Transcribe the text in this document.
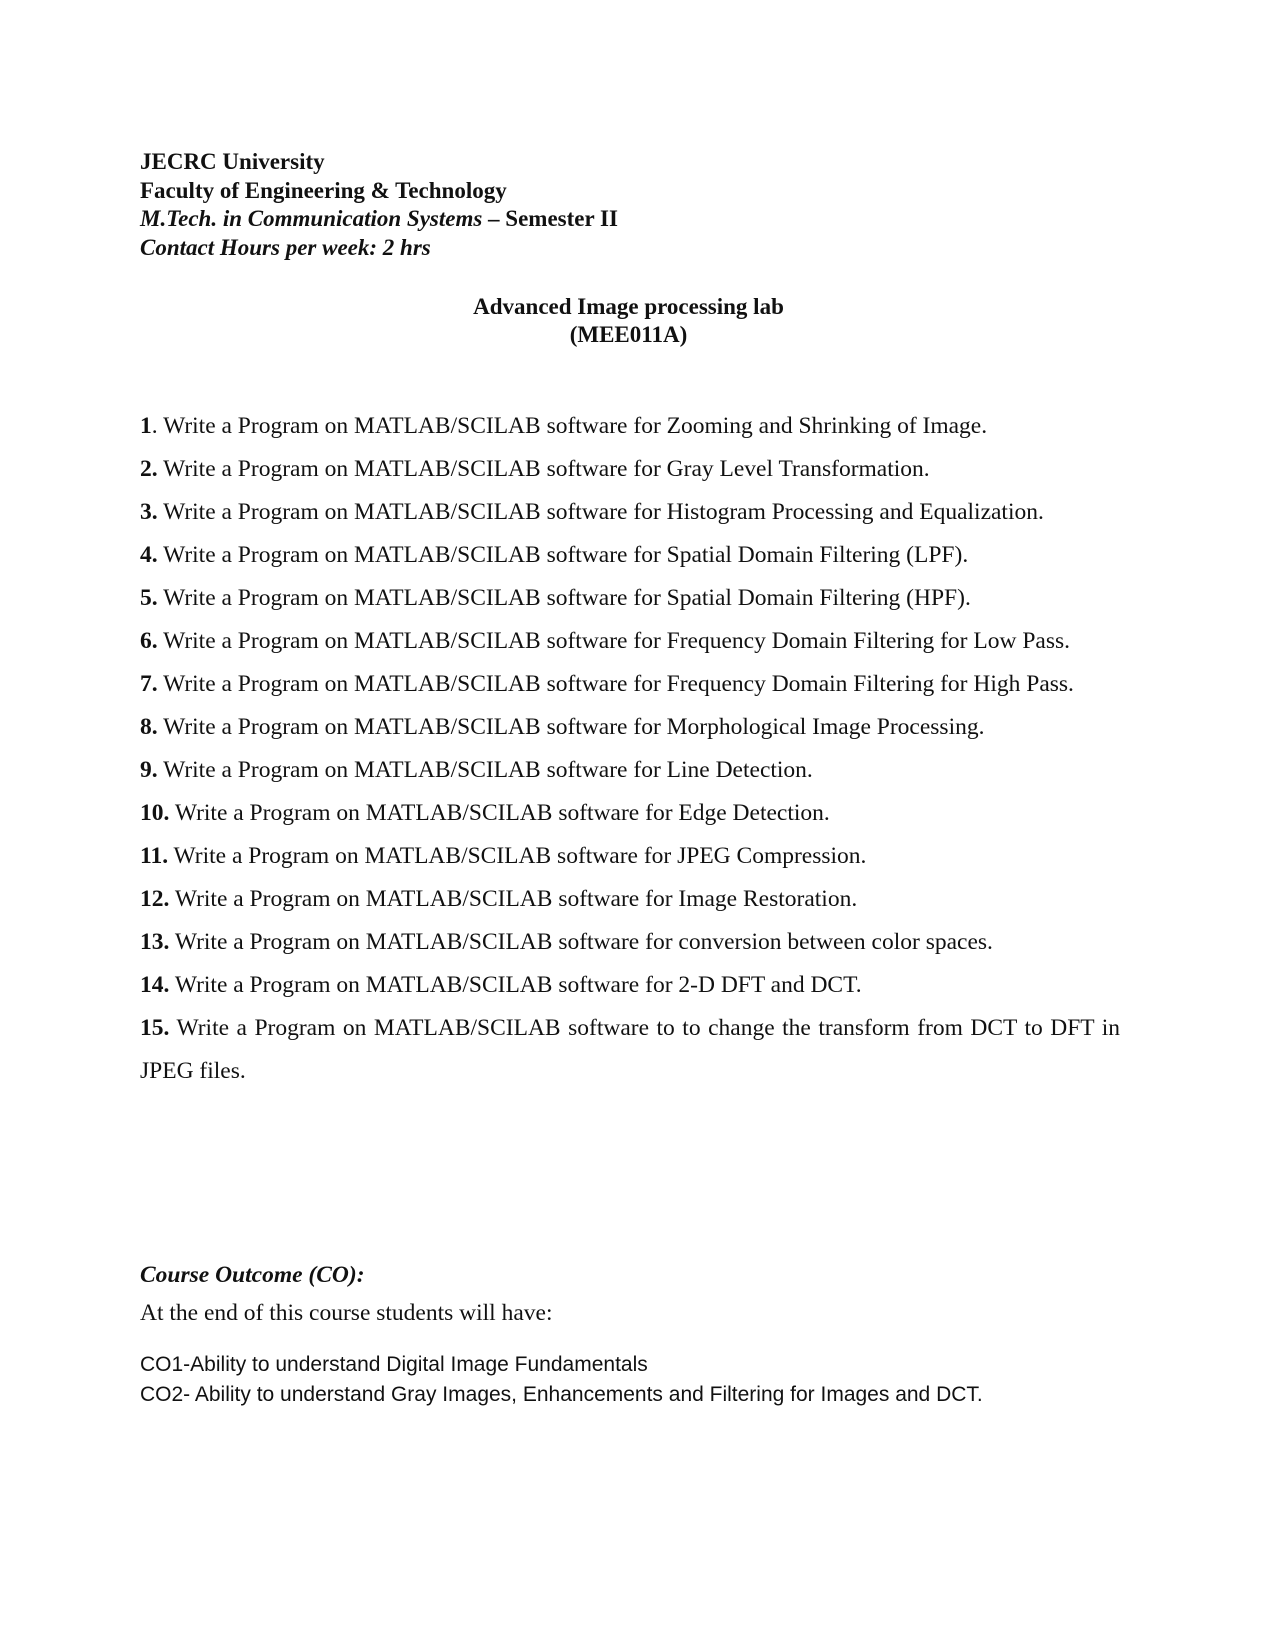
JECRC University
Faculty of Engineering & Technology
M.Tech. in Communication Systems – Semester II
Contact Hours per week: 2 hrs
Advanced Image processing lab
(MEE011A)
1. Write a Program on MATLAB/SCILAB software for Zooming and Shrinking of Image.
2. Write a Program on MATLAB/SCILAB software for Gray Level Transformation.
3. Write a Program on MATLAB/SCILAB software for Histogram Processing and Equalization.
4. Write a Program on MATLAB/SCILAB software for Spatial Domain Filtering (LPF).
5. Write a Program on MATLAB/SCILAB software for Spatial Domain Filtering (HPF).
6. Write a Program on MATLAB/SCILAB software for Frequency Domain Filtering for Low Pass.
7. Write a Program on MATLAB/SCILAB software for Frequency Domain Filtering for High Pass.
8. Write a Program on MATLAB/SCILAB software for Morphological Image Processing.
9. Write a Program on MATLAB/SCILAB software for Line Detection.
10. Write a Program on MATLAB/SCILAB software for Edge Detection.
11. Write a Program on MATLAB/SCILAB software for JPEG Compression.
12. Write a Program on MATLAB/SCILAB software for Image Restoration.
13. Write a Program on MATLAB/SCILAB software for conversion between color spaces.
14. Write a Program on MATLAB/SCILAB software for 2-D DFT and DCT.
15. Write a Program on MATLAB/SCILAB software to to change the transform from DCT to DFT in JPEG files.
Course Outcome (CO):
At the end of this course students will have:
CO1-Ability to understand Digital Image Fundamentals
CO2- Ability to understand Gray Images, Enhancements and Filtering for Images and DCT.
